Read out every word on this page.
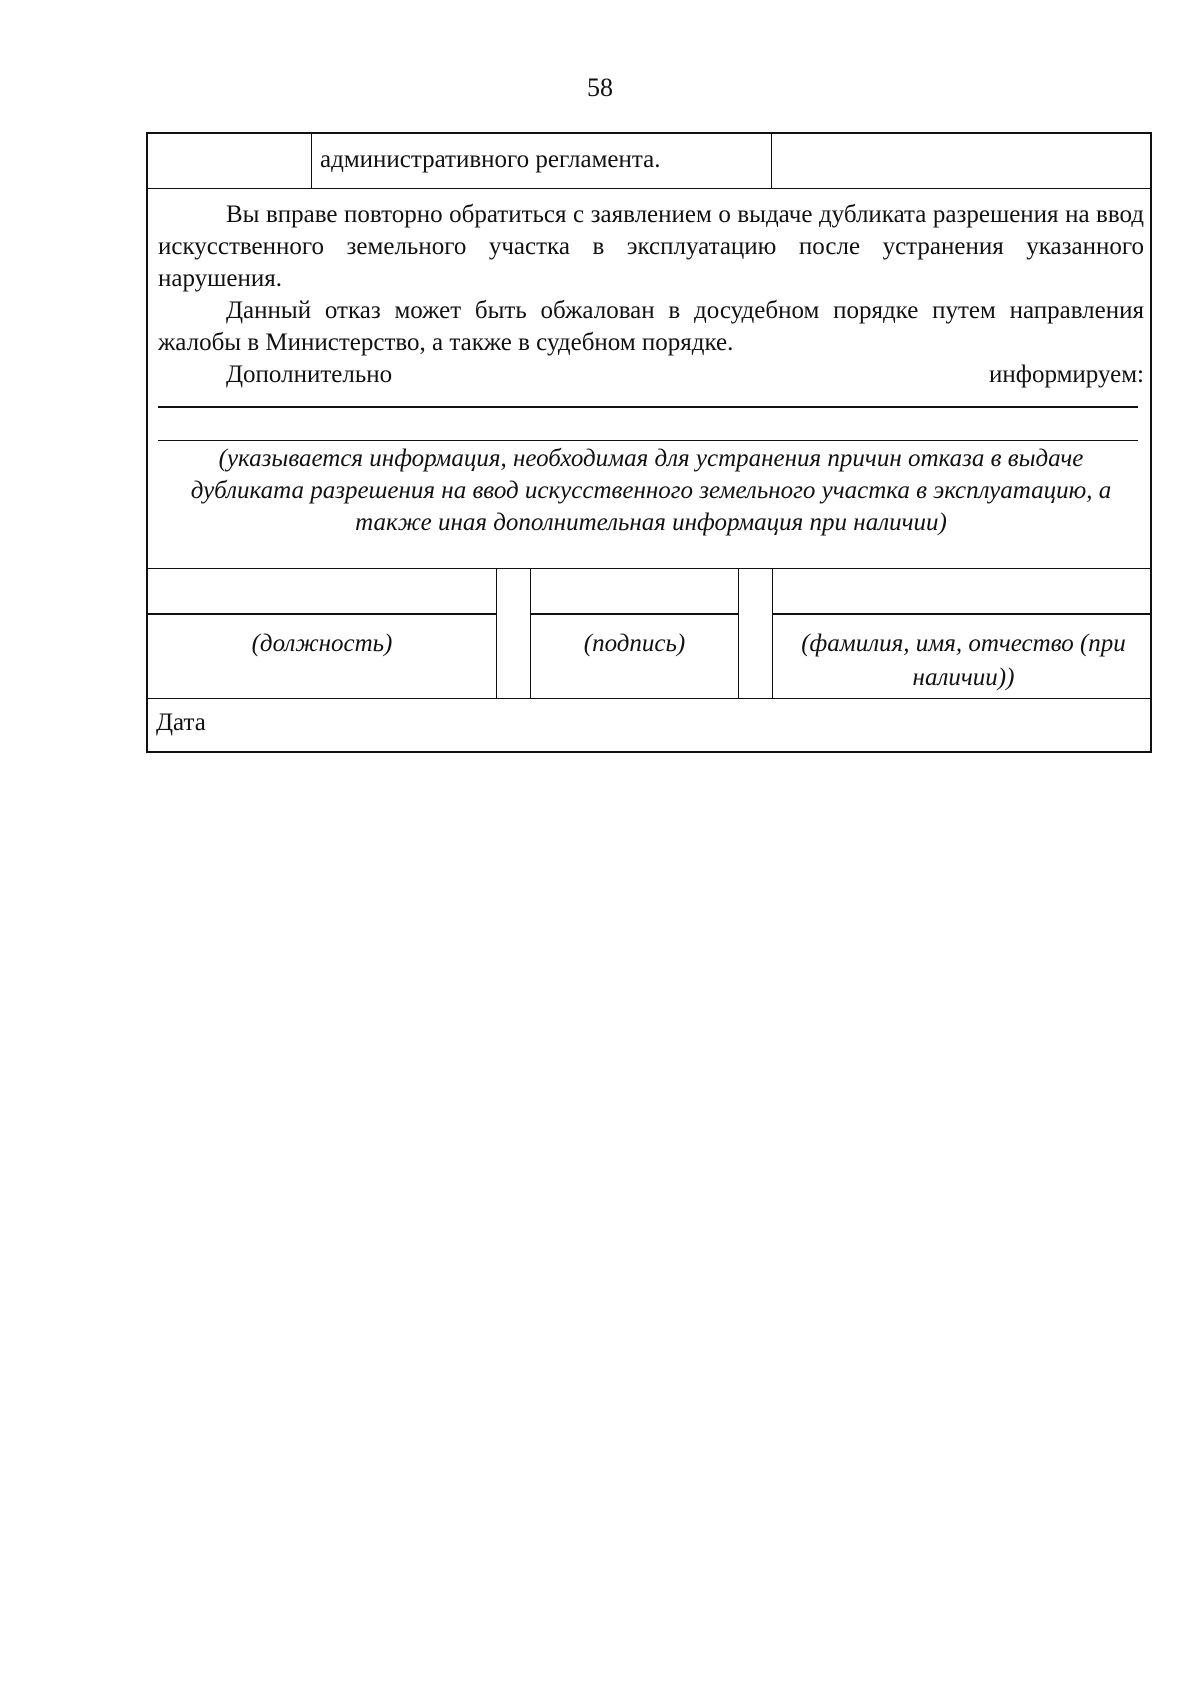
58
административного регламента.

Вы вправе повторно обратиться с заявлением о выдаче дубликата разрешения на ввод искусственного земельного участка в эксплуатацию после устранения указанного нарушения.

Данный отказ может быть обжалован в досудебном порядке путем направления жалобы в Министерство, а также в судебном порядке.

Дополнительно	информируем:
(указывается информация, необходимая для устранения причин отказа в выдаче дубликата разрешения на ввод искусственного земельного участка в эксплуатацию, а также иная дополнительная информация при наличии)
(должность)	(подпись)	(фамилия, имя, отчество (при наличии))
Дата
